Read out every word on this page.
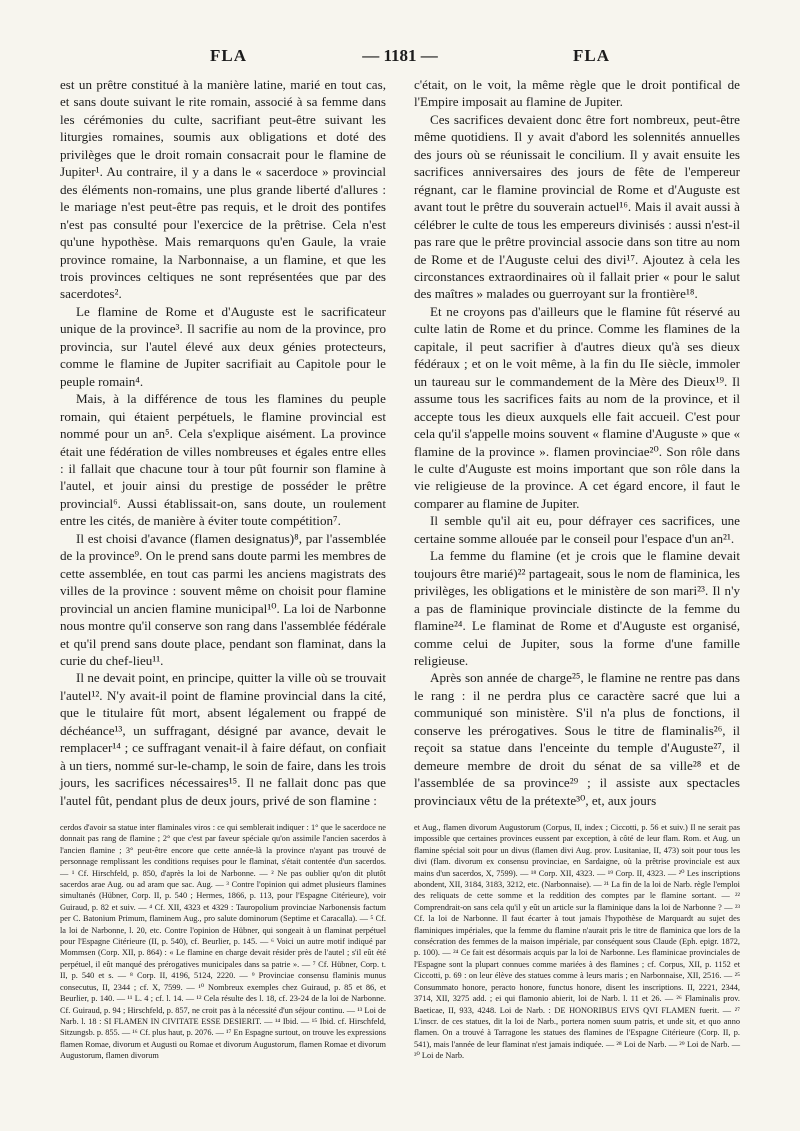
FLA	— 1181 —	FLA

est un prêtre constitué à la manière latine, marié en tout cas, et sans doute suivant le rite romain, associé à sa femme dans les cérémonies du culte, sacrifiant peut-être suivant les liturgies romaines, soumis aux obligations et doté des privilèges que le droit romain consacrait pour le flamine de Jupiter¹. Au contraire, il y a dans le « sacerdoce » provincial des éléments non-romains, une plus grande liberté d'allures : le mariage n'est peut-être pas requis, et le droit des pontifes n'est pas consulté pour l'exercice de la prêtrise. Cela n'est qu'une hypothèse. Mais remarquons qu'en Gaule, la vraie province romaine, la Narbonnaise, a un flamine, et que les trois provinces celtiques ne sont représentées que par des sacerdotes².

Le flamine de Rome et d'Auguste est le sacrificateur unique de la province³. Il sacrifie au nom de la province, pro provincia, sur l'autel élevé aux deux génies protecteurs, comme le flamine de Jupiter sacrifiait au Capitole pour le peuple romain⁴.

Mais, à la différence de tous les flamines du peuple romain, qui étaient perpétuels, le flamine provincial est nommé pour un an⁵. Cela s'explique aisément. La province était une fédération de villes nombreuses et égales entre elles : il fallait que chacune tour à tour pût fournir son flamine à l'autel, et jouir ainsi du prestige de posséder le prêtre provincial⁶. Aussi établissait-on, sans doute, un roulement entre les cités, de manière à éviter toute compétition⁷.

Il est choisi d'avance (flamen designatus)⁸, par l'assemblée de la province⁹. On le prend sans doute parmi les membres de cette assemblée, en tout cas parmi les anciens magistrats des villes de la province : souvent même on choisit pour flamine provincial un ancien flamine municipal¹⁰. La loi de Narbonne nous montre qu'il conserve son rang dans l'assemblée fédérale et qu'il prend sans doute place, pendant son flaminat, dans la curie du chef-lieu¹¹.

Il ne devait point, en principe, quitter la ville où se trouvait l'autel¹². N'y avait-il point de flamine provincial dans la cité, que le titulaire fût mort, absent légalement ou frappé de déchéance¹³, un suffragant, désigné par avance, devait le remplacer¹⁴ ; ce suffragant venait-il à faire défaut, on confiait à un tiers, nommé sur-le-champ, le soin de faire, dans les trois jours, les sacrifices nécessaires¹⁵. Il ne fallait donc pas que l'autel fût, pendant plus de deux jours, privé de son flamine :

c'était, on le voit, la même règle que le droit pontifical de l'Empire imposait au flamine de Jupiter.

Ces sacrifices devaient donc être fort nombreux, peut-être même quotidiens. Il y avait d'abord les solennités annuelles des jours où se réunissait le concilium. Il y avait ensuite les sacrifices anniversaires des jours de fête de l'empereur régnant, car le flamine provincial de Rome et d'Auguste est avant tout le prêtre du souverain actuel¹⁶. Mais il avait aussi à célébrer le culte de tous les empereurs divinisés : aussi n'est-il pas rare que le prêtre provincial associe dans son titre au nom de Rome et de l'Auguste celui des divi¹⁷. Ajoutez à cela les circonstances extraordinaires où il fallait prier « pour le salut des maîtres » malades ou guerroyant sur la frontière¹⁸.

Et ne croyons pas d'ailleurs que le flamine fût réservé au culte latin de Rome et du prince. Comme les flamines de la capitale, il peut sacrifier à d'autres dieux qu'à ses dieux fédéraux ; et on le voit même, à la fin du IIe siècle, immoler un taureau sur le commandement de la Mère des Dieux¹⁹. Il assume tous les sacrifices faits au nom de la province, et il accepte tous les dieux auxquels elle fait accueil. C'est pour cela qu'il s'appelle moins souvent « flamine d'Auguste » que « flamine de la province ». flamen provinciae²⁰. Son rôle dans le culte d'Auguste est moins important que son rôle dans la vie religieuse de la province. A cet égard encore, il faut le comparer au flamine de Jupiter.

Il semble qu'il ait eu, pour défrayer ces sacrifices, une certaine somme allouée par le conseil pour l'espace d'un an²¹.

La femme du flamine (et je crois que le flamine devait toujours être marié)²² partageait, sous le nom de flaminica, les privilèges, les obligations et le ministère de son mari²³. Il n'y a pas de flaminique provinciale distincte de la femme du flamine²⁴. Le flaminat de Rome et d'Auguste est organisé, comme celui de Jupiter, sous la forme d'une famille religieuse.

Après son année de charge²⁵, le flamine ne rentre pas dans le rang : il ne perdra plus ce caractère sacré que lui a communiqué son ministère. S'il n'a plus de fonctions, il conserve les prérogatives. Sous le titre de flaminalis²⁶, il reçoit sa statue dans l'enceinte du temple d'Auguste²⁷, il demeure membre de droit du sénat de sa ville²⁸ et de l'assemblée de sa province²⁹ ; il assiste aux spectacles provinciaux vêtu de la prétexte³⁰, et, aux jours

cerdos d'avoir sa statue inter flaminales viros : ce qui semblerait indiquer : 1° que le sacerdoce ne donnait pas rang de flamine ; 2° que c'est par faveur spéciale qu'on assimile l'ancien sacerdos à l'ancien flamine ; 3° peut-être encore que cette année-là la province n'ayant pas trouvé de personnage remplissant les conditions requises pour le flaminat, s'était contentée d'un sacerdos. — ¹ Cf. Hirschfeld, p. 850, d'après la loi de Narbonne. — ² Ne pas oublier qu'on dit plutôt sacerdos arae Aug. ou ad aram que sac. Aug. — ³ Contre l'opinion qui admet plusieurs flamines simultanés (Hübner, Corp. II, p. 540 ; Hermes, 1866, p. 113, pour l'Espagne Citérieure), voir Guiraud, p. 82 et suiv. — ⁴ Cf. XII, 4323 et 4329 : Tauropolium provinciae Narbonensis factum per C. Batonium Primum, flaminem Aug., pro salute dominorum (Septime et Caracalla). — ⁵ Cf. la loi de Narbonne, l. 20, etc. Contre l'opinion de Hübner, qui songeait à un flaminat perpétuel pour l'Espagne Citérieure (II, p. 540), cf. Beurlier, p. 145. — ⁶ Voici un autre motif indiqué par Mommsen (Corp. XII, p. 864) : « Le flamine en charge devait résider près de l'autel ; s'il eût été perpétuel, il eût manqué des prérogatives municipales dans sa patrie ». — ⁷ Cf. Hübner, Corp. t. II, p. 540 et s. — ⁸ Corp. II, 4196, 5124, 2220. — ⁹ Provinciae consensu flaminis munus consecutus, II, 2344 ; cf. X, 7599. — ¹⁰ Nombreux exemples chez Guiraud, p. 85 et 86, et Beurlier, p. 140. — ¹¹ L. 4 ; cf. l. 14. — ¹² Cela résulte des l. 18, cf. 23-24 de la loi de Narbonne. Cf. Guiraud, p. 94 ; Hirschfeld, p. 857, ne croit pas à la nécessité d'un séjour continu. — ¹³ Loi de Narb. l. 18 : SI FLAMEN IN CIVITATE ESSE DESIERIT. — ¹⁴ Ibid. — ¹⁵ Ibid. cf. Hirschfeld, Sitzungsb. p. 855. — ¹⁶ Cf. plus haut, p. 2076. — ¹⁷ En Espagne surtout, on trouve les expressions flamen Romae, divorum et Augusti ou Romae et divorum Augustorum, flamen Romae et divorum Augustorum, flamen divorum

et Aug., flamen divorum Augustorum (Corpus, II, index ; Ciccotti, p. 56 et suiv.) Il ne serait pas impossible que certaines provinces eussent par exception, à côté de leur flam. Rom. et Aug. un flamine spécial soit pour un divus (flamen divi Aug. prov. Lusitaniae, II, 473) soit pour tous les divi (flam. divorum ex consensu provinciae, en Sardaigne, où la prêtrise provinciale est aux mains d'un sacerdos, X, 7599). — ¹⁸ Corp. XII, 4323. — ¹⁹ Corp. II, 4323. — ²⁰ Les inscriptions abondent, XII, 3184, 3183, 3212, etc. (Narbonnaise). — ²¹ La fin de la loi de Narb. règle l'emploi des reliquats de cette somme et la reddition des comptes par le flamine sortant. — ²² Comprendrait-on sans cela qu'il y eût un article sur la flaminique dans la loi de Narbonne ? — ²³ Cf. la loi de Narbonne. Il faut écarter à tout jamais l'hypothèse de Marquardt au sujet des flaminiques impériales, que la femme du flamine n'aurait pris le titre de flaminica que lors de la consécration des femmes de la maison impériale, par conséquent sous Claude (Eph. epigr. 1872, p. 100). — ²⁴ Ce fait est désormais acquis par la loi de Narbonne. Les flaminicae provinciales de l'Espagne sont la plupart connues comme mariées à des flamines ; cf. Corpus, XII, p. 1152 et Ciccotti, p. 69 : on leur élève des statues comme à leurs maris ; en Narbonnaise, XII, 2516. — ²⁵ Consummato honore, peracto honore, functus honore, disent les inscriptions. II, 2221, 2344, 3714, XII, 3275 add. ; ei qui flamonio abierit, loi de Narb. l. 11 et 26. — ²⁶ Flaminalis prov. Baeticae, II, 933, 4248. Loi de Narb. : DE HONORIBUS EIVS QVI FLAMEN fuerit. — ²⁷ L'inscr. de ces statues, dit la loi de Narb., portera nomen suum patris, et unde sit, et quo anno flamen. On a trouvé à Tarragone les statues des flamines de l'Espagne Citérieure (Corp. II, p. 541), mais l'année de leur flaminat n'est jamais indiquée. — ²⁸ Loi de Narb. — ²⁹ Loi de Narb. — ³⁰ Loi de Narb.
